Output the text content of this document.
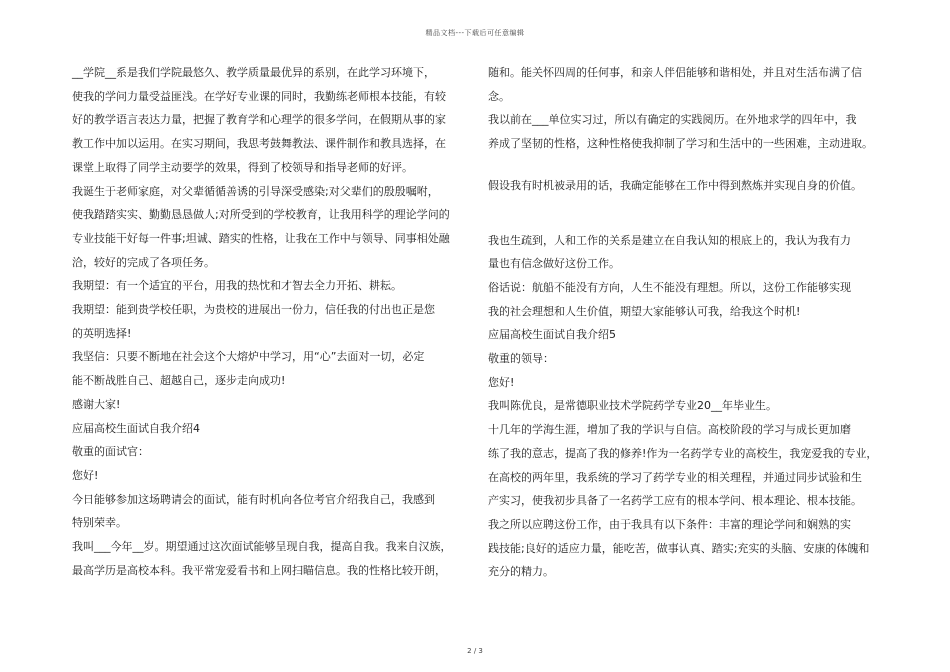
精品文档---下载后可任意编辑

__学院__系是我们学院最悠久、教学质量最优异的系别，在此学习环境下，
使我的学问力量受益匪浅。在学好专业课的同时，我勤练老师根本技能，有较
好的教学语言表达力量，把握了教育学和心理学的很多学问，在假期从事的家
教工作中加以运用。在实习期间，我思考鼓舞教法、课件制作和教具选择，在
课堂上取得了同学主动要学的效果，得到了校领导和指导老师的好评。

我诞生于老师家庭，对父辈循循善诱的引导深受感染;对父辈们的殷殷嘱咐，
使我踏踏实实、勤勤恳恳做人;对所受到的学校教育，让我用科学的理论学问的
专业技能干好每一件事;坦诚、踏实的性格，让我在工作中与领导、同事相处融
洽，较好的完成了各项任务。

我期望：有一个适宜的平台，用我的热忱和才智去全力开拓、耕耘。

我期望：能到贵学校任职，为贵校的进展出一份力，信任我的付出也正是您
的英明选择!

我坚信：只要不断地在社会这个大熔炉中学习，用“心”去面对一切，必定
能不断战胜自己、超越自己，逐步走向成功!

感谢大家!

应届高校生面试自我介绍4

敬重的面试官：

您好!

今日能够参加这场聘请会的面试，能有时机向各位考官介绍我自己，我感到
特别荣幸。

我叫___今年__岁。期望通过这次面试能够呈现自我，提高自我。我来自汉族，
最高学历是高校本科。我平常宠爱看书和上网扫瞄信息。我的性格比较开朗，

随和。能关怀四周的任何事，和亲人伴侣能够和谐相处，并且对生活布满了信
念。

我以前在___单位实习过，所以有确定的实践阅历。在外地求学的四年中，我
养成了坚韧的性格，这种性格使我抑制了学习和生活中的一些困难，主动进取。

假设我有时机被录用的话，我确定能够在工作中得到熬炼并实现自身的价值。

我也生疏到，人和工作的关系是建立在自我认知的根底上的，我认为我有力
量也有信念做好这份工作。

俗话说：航船不能没有方向，人生不能没有理想。所以，这份工作能够实现
我的社会理想和人生价值，期望大家能够认可我，给我这个时机!

应届高校生面试自我介绍5

敬重的领导：

您好!

我叫陈优良，是常德职业技术学院药学专业20__年毕业生。

十几年的学海生涯，增加了我的学识与自信。高校阶段的学习与成长更加磨
练了我的意志，提高了我的修养!作为一名药学专业的高校生，我宠爱我的专业，
在高校的两年里，我系统的学习了药学专业的相关理程，并通过同步试验和生
产实习，使我初步具备了一名药学工应有的根本学问、根本理论、根本技能。

我之所以应聘这份工作，由于我具有以下条件：丰富的理论学问和娴熟的实
践技能;良好的适应力量，能吃苦，做事认真、踏实;充实的头脑、安康的体魄和
充分的精力。

2 / 3
